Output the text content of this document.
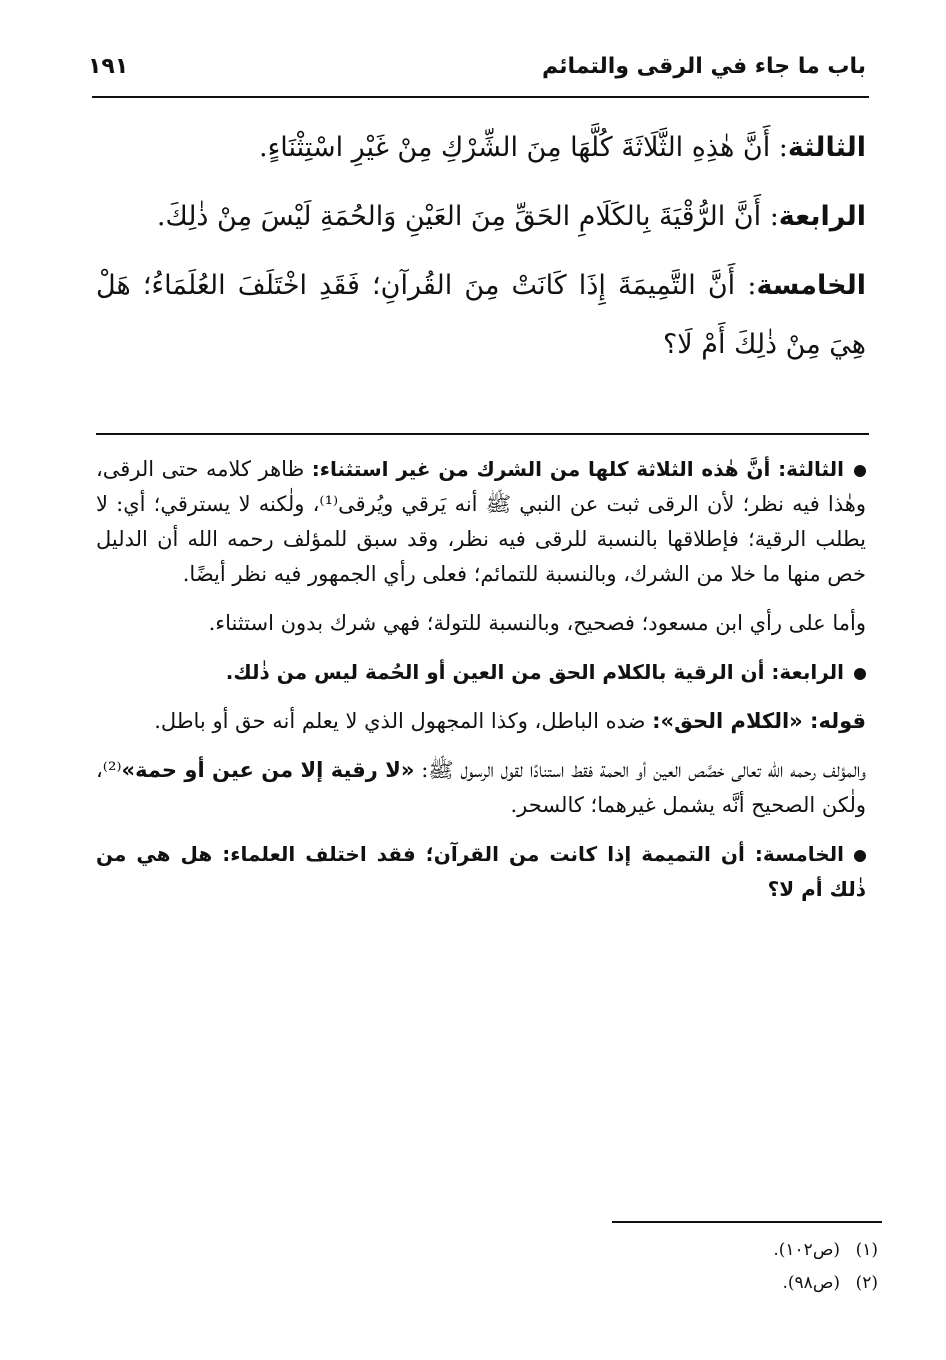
باب ما جاء في الرقى والتمائم
١٩١

الثالثة: أَنَّ هٰذِهِ الثَّلَاثَةَ كُلَّهَا مِنَ الشِّرْكِ مِنْ غَيْرِ اسْتِثْنَاءٍ.

الرابعة: أَنَّ الرُّقْيَةَ بِالكَلَامِ الحَقِّ مِنَ العَيْنِ وَالحُمَةِ لَيْسَ مِنْ ذٰلِكَ.

الخامسة: أَنَّ التَّمِيمَةَ إِذَا كَانَتْ مِنَ القُرآنِ؛ فَقَدِ اخْتَلَفَ العُلَمَاءُ؛ هَلْ هِيَ مِنْ ذٰلِكَ أَمْ لَا؟

الثالثة: أنَّ هٰذه الثلاثة كلها من الشرك من غير استثناء: ظاهر كلامه حتى الرقى، وهٰذا فيه نظر؛ لأن الرقى ثبت عن النبي ﷺ أنه يَرقي ويُرقى⁽¹⁾، ولٰكنه لا يسترقي؛ أي: لا يطلب الرقية؛ فإطلاقها بالنسبة للرقى فيه نظر، وقد سبق للمؤلف رحمه الله أن الدليل خص منها ما خلا من الشرك، وبالنسبة للتمائم؛ فعلى رأي الجمهور فيه نظر أيضًا.

وأما على رأي ابن مسعود؛ فصحيح، وبالنسبة للتولة؛ فهي شرك بدون استثناء.

الرابعة: أن الرقية بالكلام الحق من العين أو الحُمة ليس من ذٰلك.

قوله: «الكلام الحق»: ضده الباطل، وكذا المجهول الذي لا يعلم أنه حق أو باطل.

والمؤلف رحمه الله تعالى خصَّص العين أو الحمة فقط استنادًا لقول الرسول ﷺ: «لا رقية إلا من عين أو حمة»⁽²⁾، ولٰكن الصحيح أنَّه يشمل غيرهما؛ كالسحر.

الخامسة: أن التميمة إذا كانت من القرآن؛ فقد اختلف العلماء: هل هي من ذٰلك أم لا؟

(١)(ص١٠٢).
(٢)(ص٩٨).
